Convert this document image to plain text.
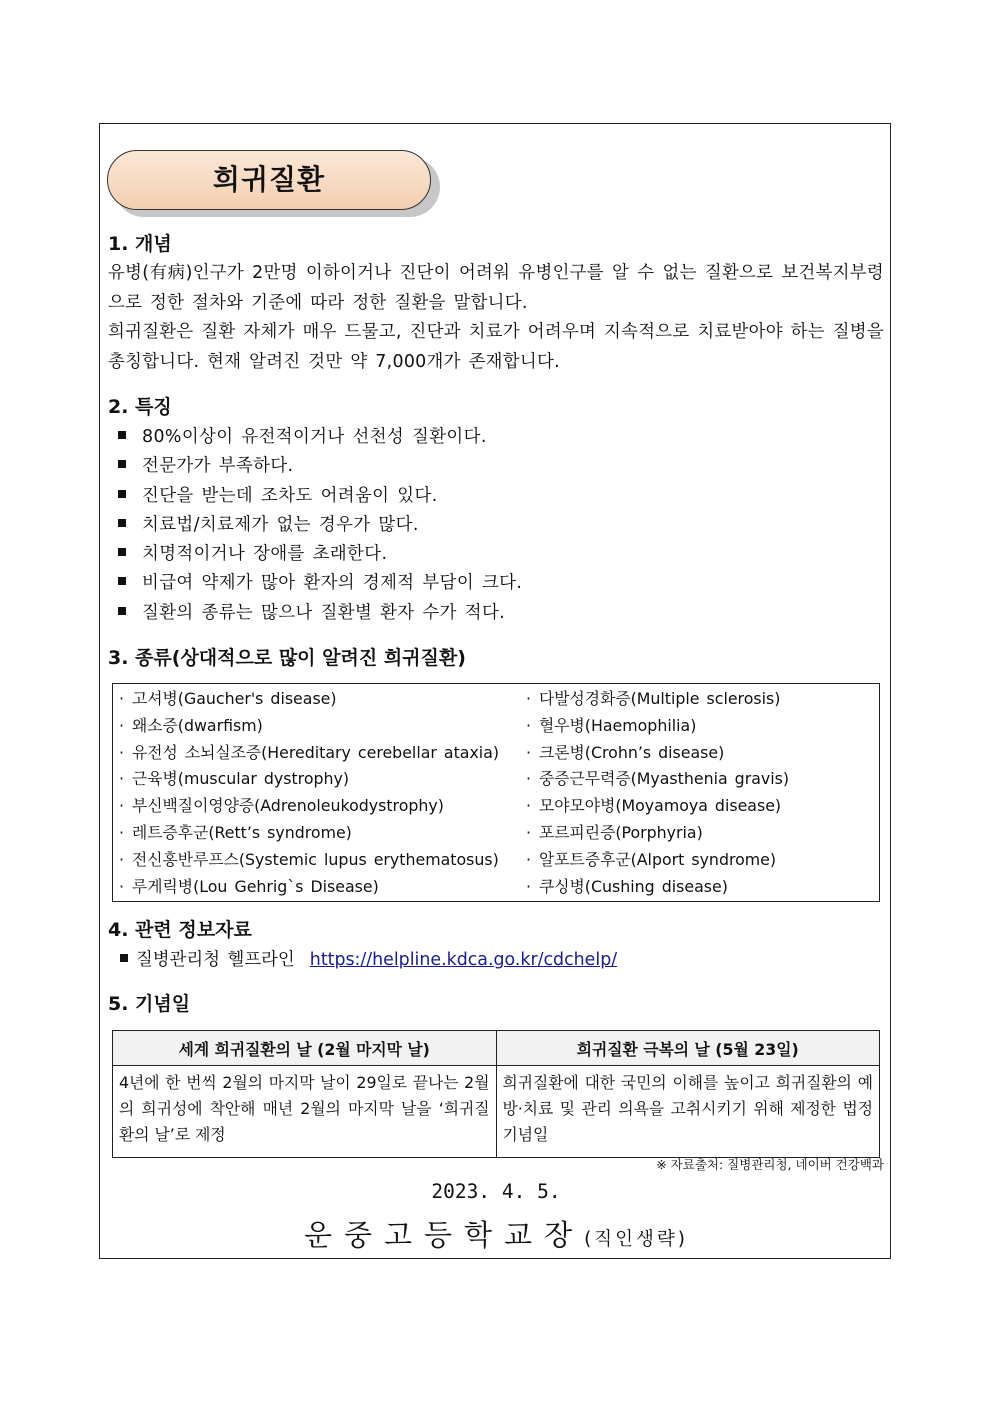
희귀질환
1. 개념
유병(有病)인구가 2만명 이하이거나 진단이 어려워 유병인구를 알 수 없는 질환으로 보건복지부령으로 정한 절차와 기준에 따라 정한 질환을 말합니다.
희귀질환은 질환 자체가 매우 드물고, 진단과 치료가 어려우며 지속적으로 치료받아야 하는 질병을 총칭합니다. 현재 알려진 것만 약 7,000개가 존재합니다.
2. 특징
80%이상이 유전적이거나 선천성 질환이다.
전문가가 부족하다.
진단을 받는데 조차도 어려움이 있다.
치료법/치료제가 없는 경우가 많다.
치명적이거나 장애를 초래한다.
비급여 약제가 많아 환자의 경제적 부담이 크다.
질환의 종류는 많으나 질환별 환자 수가 적다.
3. 종류(상대적으로 많이 알려진 희귀질환)
· 고셔병(Gaucher's disease)
· 왜소증(dwarfism)
· 유전성 소뇌실조증(Hereditary cerebellar ataxia)
· 근육병(muscular dystrophy)
· 부신백질이영양증(Adrenoleukodystrophy)
· 레트증후군(Rett’s syndrome)
· 전신홍반루프스(Systemic lupus erythematosus)
· 루게릭병(Lou Gehrig`s Disease)
· 다발성경화증(Multiple sclerosis)
· 혈우병(Haemophilia)
· 크론병(Crohn’s disease)
· 중증근무력증(Myasthenia gravis)
· 모야모야병(Moyamoya disease)
· 포르피린증(Porphyria)
· 알포트증후군(Alport syndrome)
· 쿠싱병(Cushing disease)
4. 관련 정보자료
질병관리청 헬프라인 https://helpline.kdca.go.kr/cdchelp/
5. 기념일
세계 희귀질환의 날 (2월 마지막 날)	희귀질환 극복의 날 (5월 23일)
4년에 한 번씩 2월의 마지막 날이 29일로 끝나는 2월의 희귀성에 착안해 매년 2월의 마지막 날을 ‘희귀질환의 날’로 제정	희귀질환에 대한 국민의 이해를 높이고 희귀질환의 예방·치료 및 관리 의욕을 고취시키기 위해 제정한 법정기념일
※ 자료출처: 질병관리청, 네이버 건강백과
2023. 4. 5.
운중고등학교장(직인생략)
